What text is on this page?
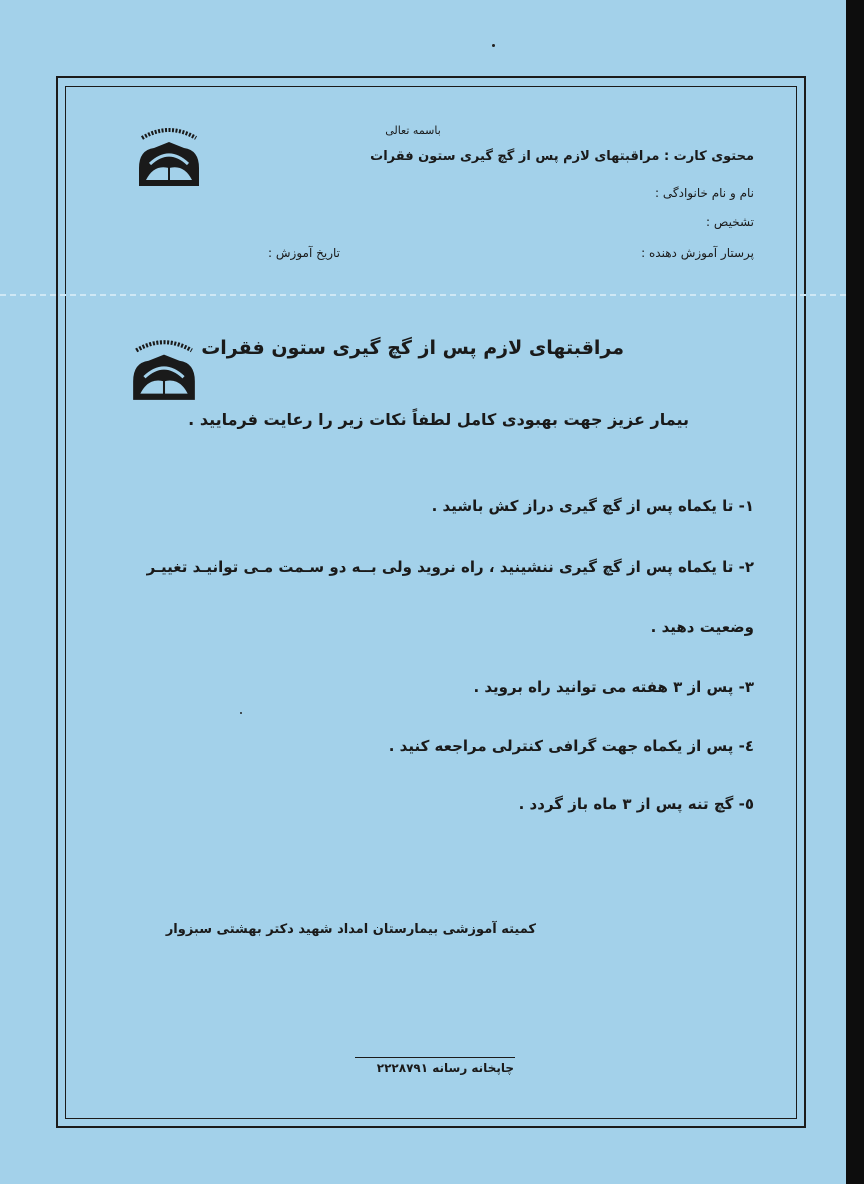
باسمه تعالی
محتوی کارت : مراقبتهای لازم پس از گچ گیری ستون فقرات
نام و نام خانوادگی :
تشخیص :
پرستار آموزش دهنده :
تاریخ آموزش :
مراقبتهای لازم پس از گچ گیری ستون فقرات
بیمار عزیز جهت بهبودی کامل لطفاً نکات زیر را رعایت فرمایید .
۱- تا یکماه پس از گچ گیری دراز کش باشید .
۲- تا یکماه پس از گچ گیری ننشینید ، راه نروید ولی بــه دو سـمت مـی توانیـد تغییـر
وضعیت دهید .
۳- پس از ۳ هفته می توانید راه بروید .
٤- پس از یکماه جهت گرافی کنترلی مراجعه کنید .
٥- گچ تنه پس از ۳ ماه باز گردد .
کمیته آموزشی بیمارستان امداد شهید دکتر بهشتی سبزوار
چاپخانه رسانه ۲۲۲۸۷۹۱
